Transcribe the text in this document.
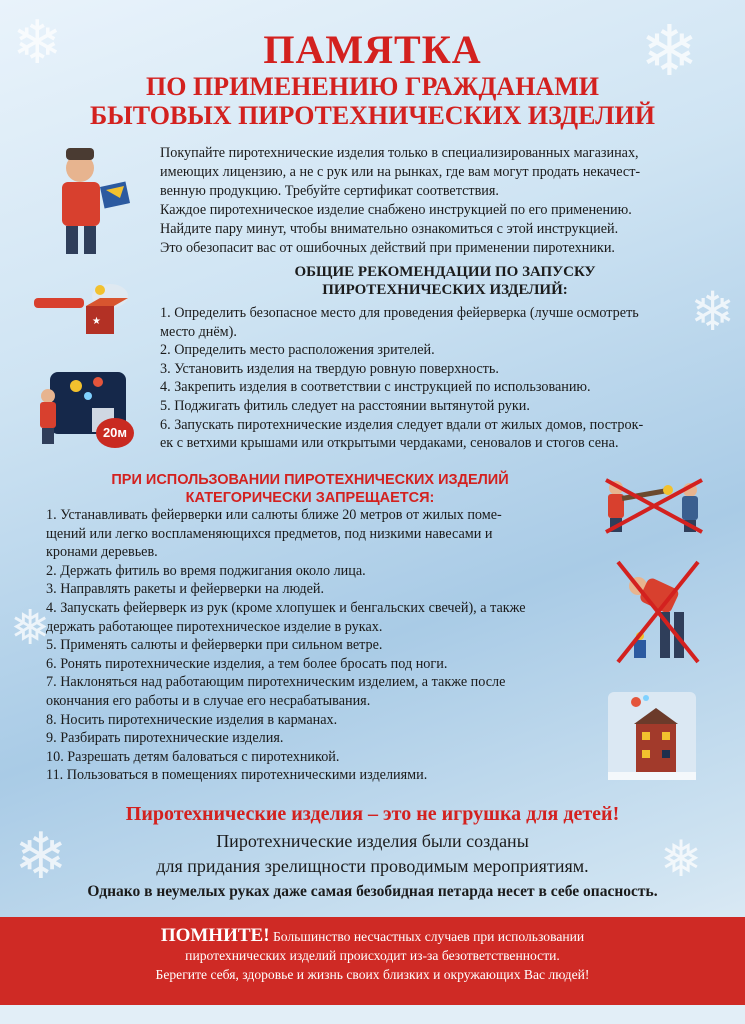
❄	❄
❄
❅
❄	❅
ПАМЯТКА
ПО ПРИМЕНЕНИЮ ГРАЖДАНАМИ
БЫТОВЫХ ПИРОТЕХНИЧЕСКИХ ИЗДЕЛИЙ
Покупайте пиротехнические изделия только в специализированных магазинах,
имеющих лицензию, а не с рук или на рынках, где вам могут продать некачест-
венную продукцию. Требуйте сертификат соответствия.
Каждое пиротехническое изделие снабжено инструкцией по его применению.
Найдите пару минут, чтобы внимательно ознакомиться с этой инструкцией.
Это обезопасит вас от ошибочных действий при применении пиротехники.
ОБЩИЕ РЕКОМЕНДАЦИИ ПО ЗАПУСКУ
ПИРОТЕХНИЧЕСКИХ ИЗДЕЛИЙ:
★
1. Определить безопасное место для проведения фейерверка (лучше осмотреть
место днём).
2. Определить место расположения зрителей.
3. Установить изделия на твердую ровную поверхность.
4. Закрепить изделия в соответствии с инструкцией по использованию.
5. Поджигать фитиль следует на расстоянии вытянутой руки.
6. Запускать пиротехнические изделия следует вдали от жилых домов, построк-
ек с ветхими крышами или открытыми чердаками, сеновалов и стогов сена.
20м
ПРИ ИСПОЛЬЗОВАНИИ ПИРОТЕХНИЧЕСКИХ ИЗДЕЛИЙ
КАТЕГОРИЧЕСКИ ЗАПРЕЩАЕТСЯ:
1. Устанавливать фейерверки или салюты ближе 20 метров от жилых поме-
щений или легко воспламеняющихся предметов, под низкими навесами и
кронами деревьев.
2. Держать фитиль во время поджигания около лица.
3. Направлять ракеты и фейерверки на людей.
4. Запускать фейерверк из рук (кроме хлопушек и бенгальских свечей), а также
держать работающее пиротехническое изделие в руках.
5. Применять салюты и фейерверки при сильном ветре.
6. Ронять пиротехнические изделия, а тем более бросать под ноги.
7. Наклоняться над работающим пиротехническим изделием, а также после
окончания его работы и в случае его несрабатывания.
8. Носить пиротехнические изделия в карманах.
9. Разбирать пиротехнические изделия.
10. Разрешать детям баловаться с пиротехникой.
11. Пользоваться в помещениях пиротехническими изделиями.
Пиротехнические изделия – это не игрушка для детей!
Пиротехнические изделия были созданы
для придания зрелищности проводимым мероприятиям.
Однако в неумелых руках даже самая безобидная петарда несет в себе опасность.
ПОМНИТЕ! Большинство несчастных случаев при использовании
пиротехнических изделий происходит из-за безответственности.
Берегите себя, здоровье и жизнь своих близких и окружающих Вас людей!
